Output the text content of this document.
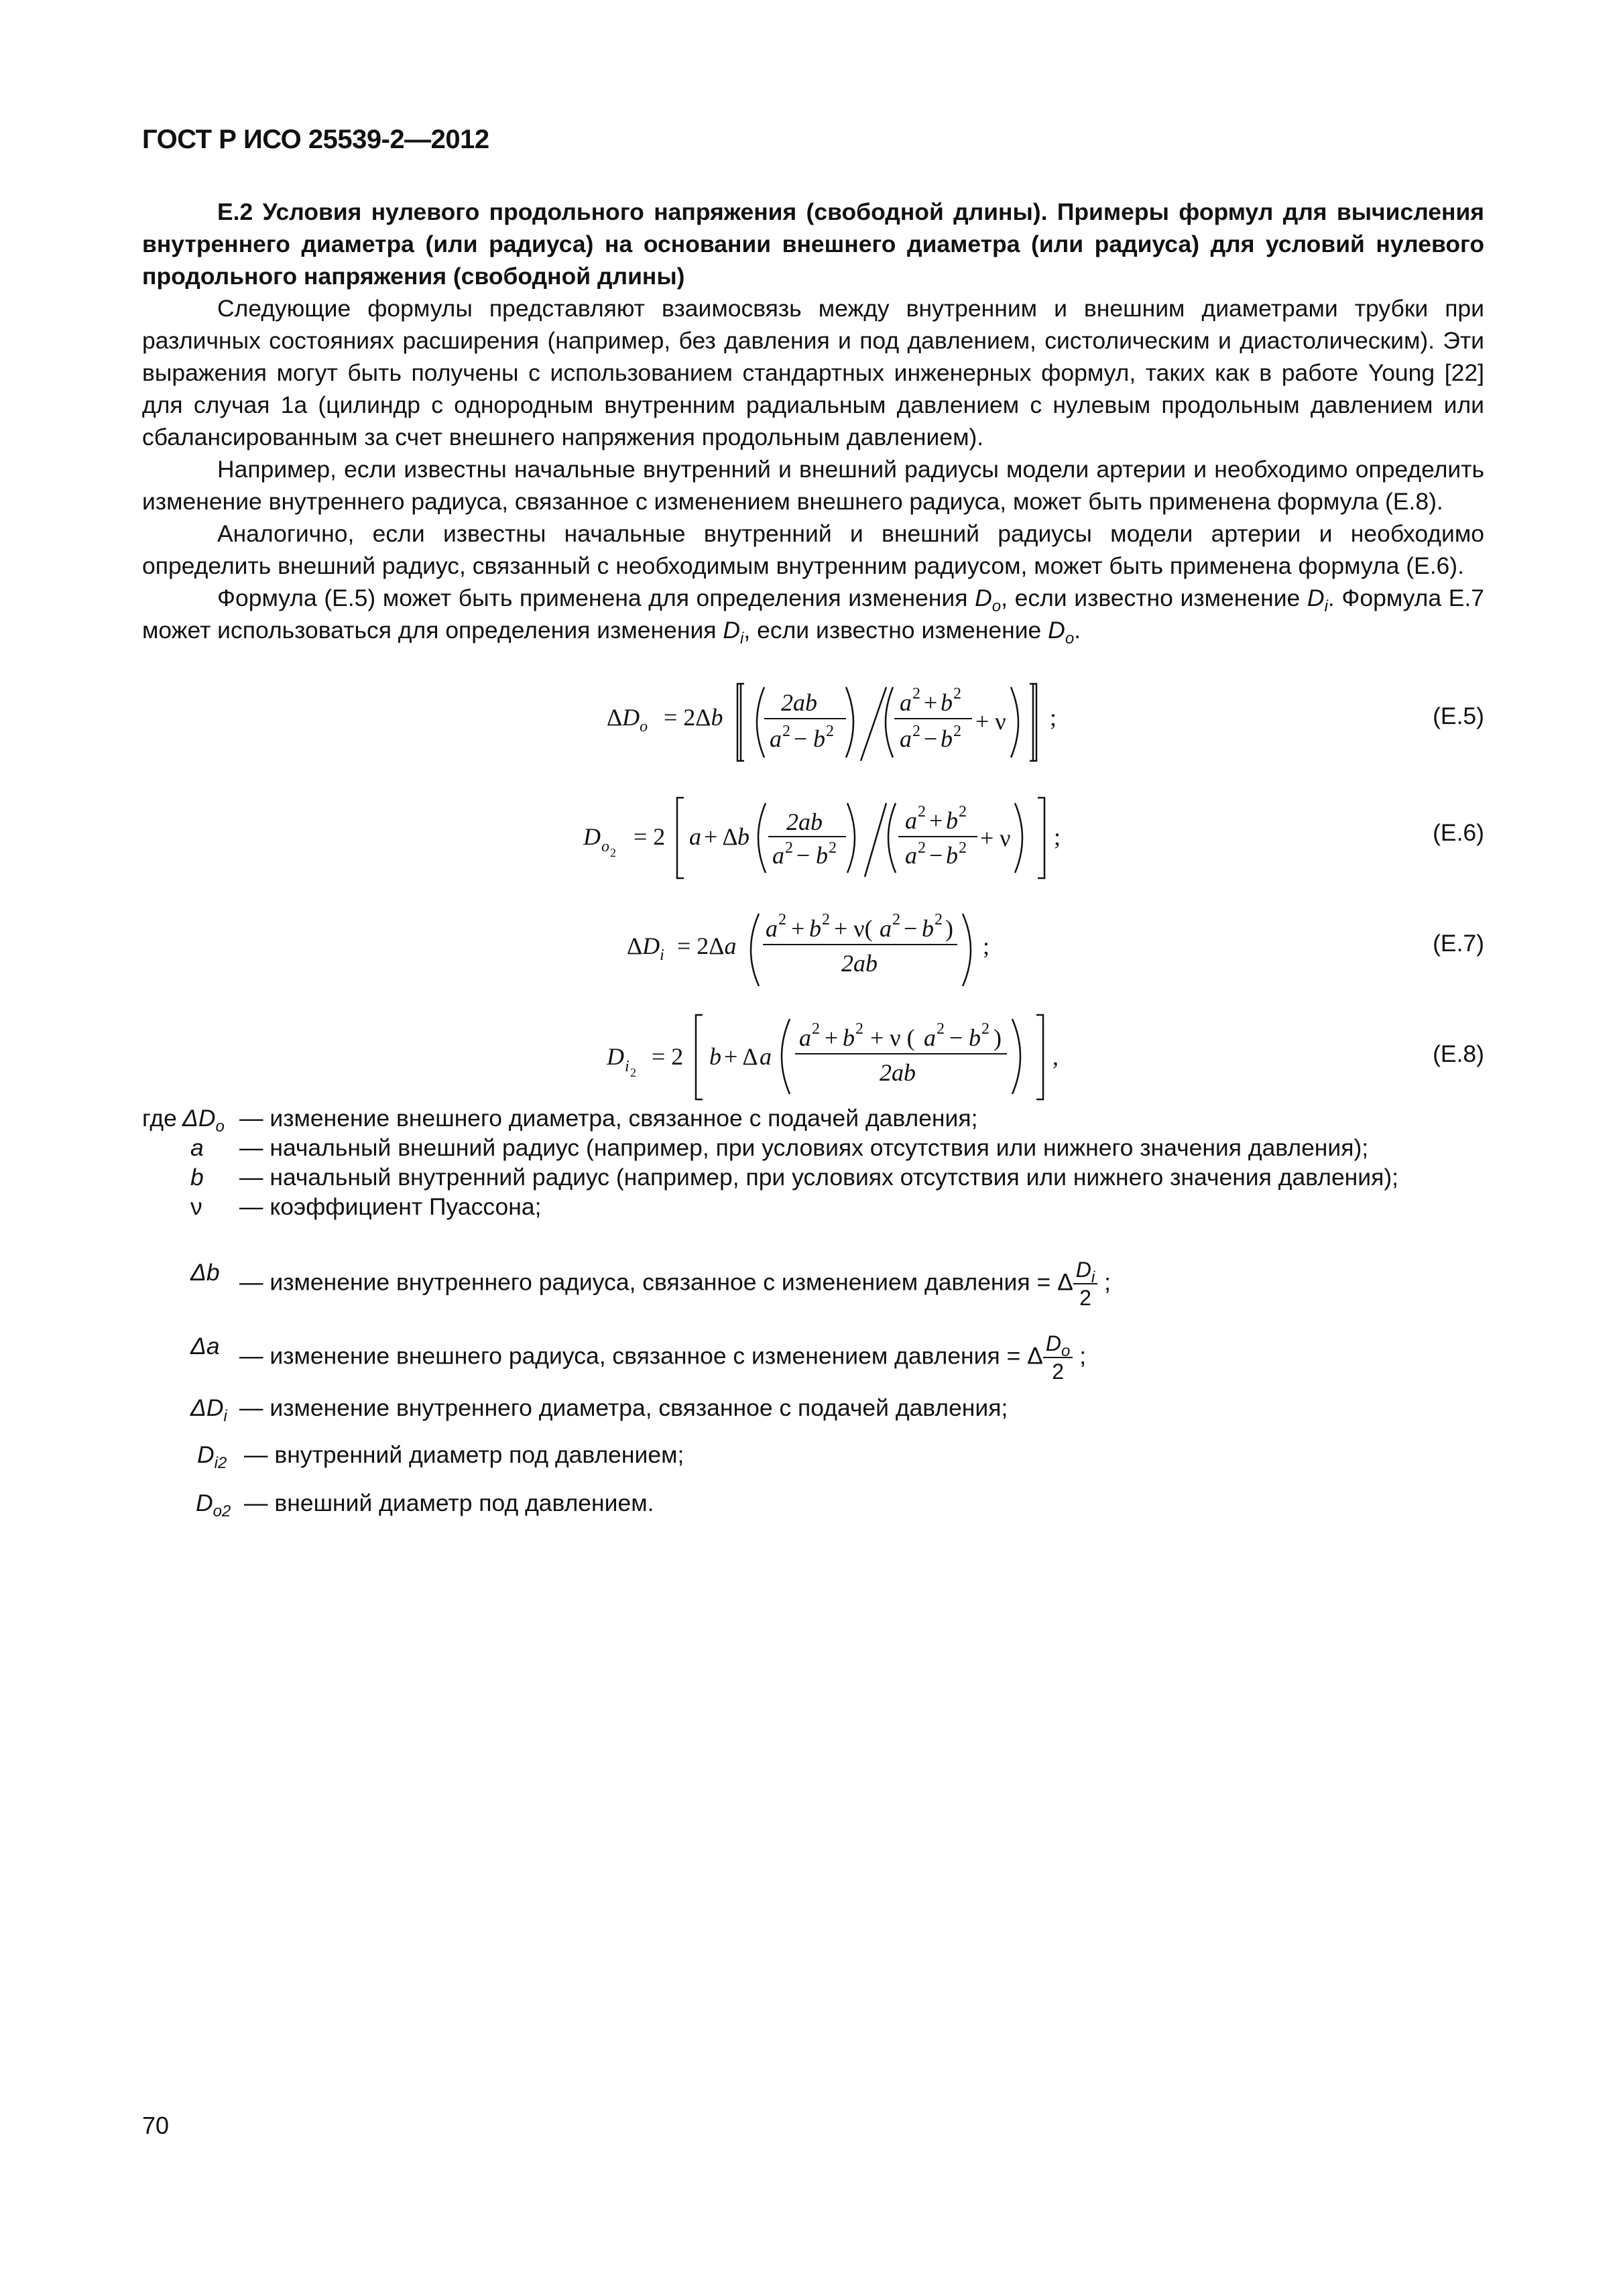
ГОСТ Р ИСО 25539-2—2012

Е.2 Условия нулевого продольного напряжения (свободной длины). Примеры формул для вычисления внутреннего диаметра (или радиуса) на основании внешнего диаметра (или радиуса) для условий нулевого продольного напряжения (свободной длины)

Следующие формулы представляют взаимосвязь между внутренним и внешним диаметрами трубки при различных состояниях расширения (например, без давления и под давлением, систолическим и диастолическим). Эти выражения могут быть получены с использованием стандартных инженерных формул, таких как в работе Young [22] для случая 1а (цилиндр с однородным внутренним радиальным давлением с нулевым продольным давлением или сбалансированным за счет внешнего напряжения продольным давлением).

Например, если известны начальные внутренний и внешний радиусы модели артерии и необходимо определить изменение внутреннего радиуса, связанное с изменением внешнего радиуса, может быть применена формула (Е.8).

Аналогично, если известны начальные внутренний и внешний радиусы модели артерии и необходимо определить внешний радиус, связанный с необходимым внутренним радиусом, может быть применена формула (Е.6).

Формула (Е.5) может быть применена для определения изменения $D_o$, если известно изменение $D_i$. Формула Е.7 может использоваться для определения изменения $D_i$, если известно изменение $D_o$.

$\Delta D_o = 2\Delta b$
2ab
a 2 − b 2
a 2 + b 2
a 2 − b 2 + ν ;	(Е.5)
D o 2
= 2 a + Δ b
2ab
a 2 − b 2
a 2 + b 2
a 2 − b 2 + ν ;	(Е.6)
$\Delta D_i = 2\Delta a$
a 2 + b 2 + ν( a 2 − b 2 )
2ab
;	(Е.7)
D i 2
= 2 b + Δ a
a 2 + b 2 + ν ( a 2 − b 2 )
2ab
,	(Е.8)
где $\Delta D_o$ — изменение внешнего диаметра, связанное с подачей давления;
a — начальный внешний радиус (например, при условиях отсутствия или нижнего значения давления);
b — начальный внутренний радиус (например, при условиях отсутствия или нижнего значения давления);
ν — коэффициент Пуассона;
Δb — изменение внутреннего радиуса, связанное с изменением давления = Δ $\frac{D_i}{2}$ ;
Δa — изменение внешнего радиуса, связанное с изменением давления = Δ $\frac{D_o}{2}$ ;
$\Delta D_i$ — изменение внутреннего диаметра, связанное с подачей давления;
$D_{i2}$ — внутренний диаметр под давлением;
$D_{o2}$ — внешний диаметр под давлением.
70
